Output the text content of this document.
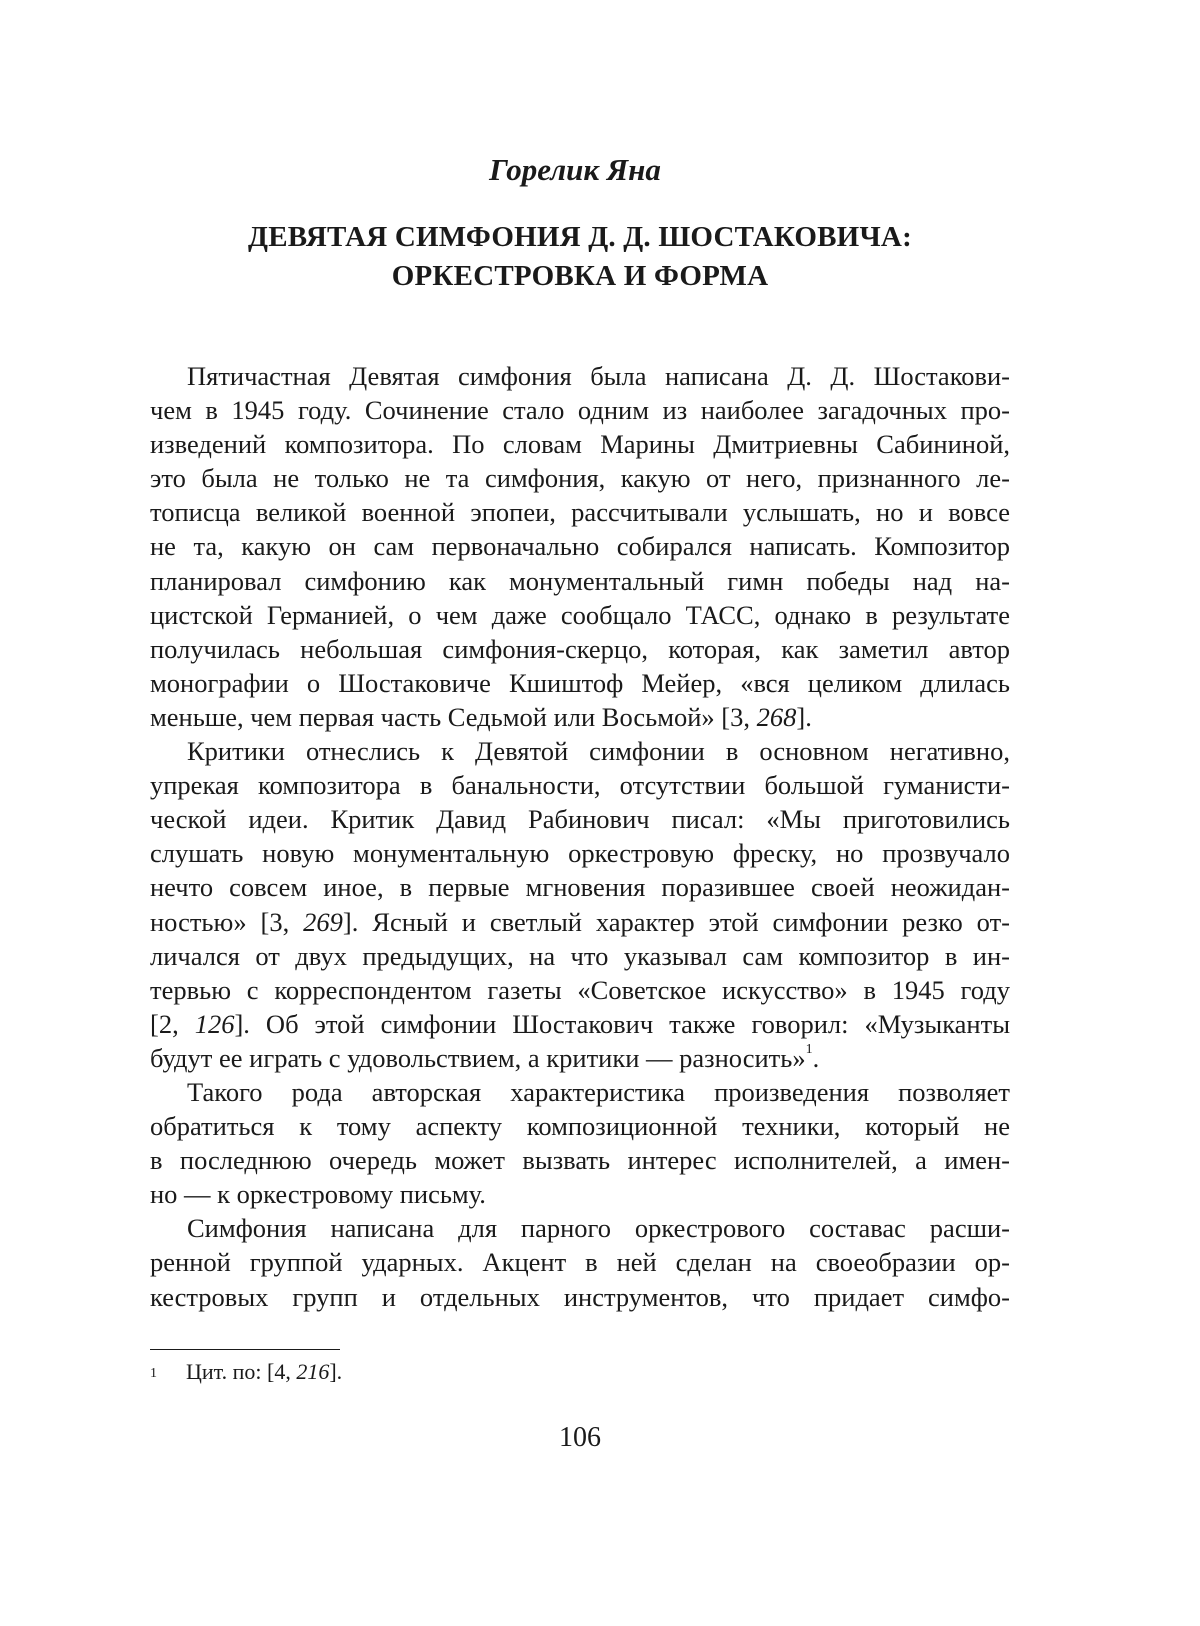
Горелик Яна
ДЕВЯТАЯ СИМФОНИЯ Д. Д. ШОСТАКОВИЧА:
ОРКЕСТРОВКА И ФОРМА
Пятичастная Девятая симфония была написана Д. Д. Шостакови-
чем в 1945 году. Сочинение стало одним из наиболее загадочных про-
изведений композитора. По словам Марины Дмитриевны Сабининой,
это была не только не та симфония, какую от него, признанного ле-
тописца великой военной эпопеи, рассчитывали услышать, но и вовсе
не та, какую он сам первоначально собирался написать. Композитор
планировал симфонию как монументальный гимн победы над на-
цистской Германией, о чем даже сообщало ТАСС, однако в результате
получилась небольшая симфония-скерцо, которая, как заметил автор
монографии о Шостаковиче Кшиштоф Мейер, «вся целиком длилась
меньше, чем первая часть Седьмой или Восьмой» [3, 268].
Критики отнеслись к Девятой симфонии в основном негативно,
упрекая композитора в банальности, отсутствии большой гуманисти-
ческой идеи. Критик Давид Рабинович писал: «Мы приготовились
слушать новую монументальную оркестровую фреску, но прозвучало
нечто совсем иное, в первые мгновения поразившее своей неожидан-
ностью» [3, 269]. Ясный и светлый характер этой симфонии резко от-
личался от двух предыдущих, на что указывал сам композитор в ин-
тервью с корреспондентом газеты «Советское искусство» в 1945 году
[2, 126]. Об этой симфонии Шостакович также говорил: «Музыканты
будут ее играть с удовольствием, а критики — разносить»1.
Такого рода авторская характеристика произведения позволяет
обратиться к тому аспекту композиционной техники, который не
в последнюю очередь может вызвать интерес исполнителей, а имен-
но — к оркестровому письму.
Симфония написана для парного оркестрового составас расши-
ренной группой ударных. Акцент в ней сделан на своеобразии ор-
кестровых групп и отдельных инструментов, что придает симфо-
1 Цит. по: [4, 216].
106
